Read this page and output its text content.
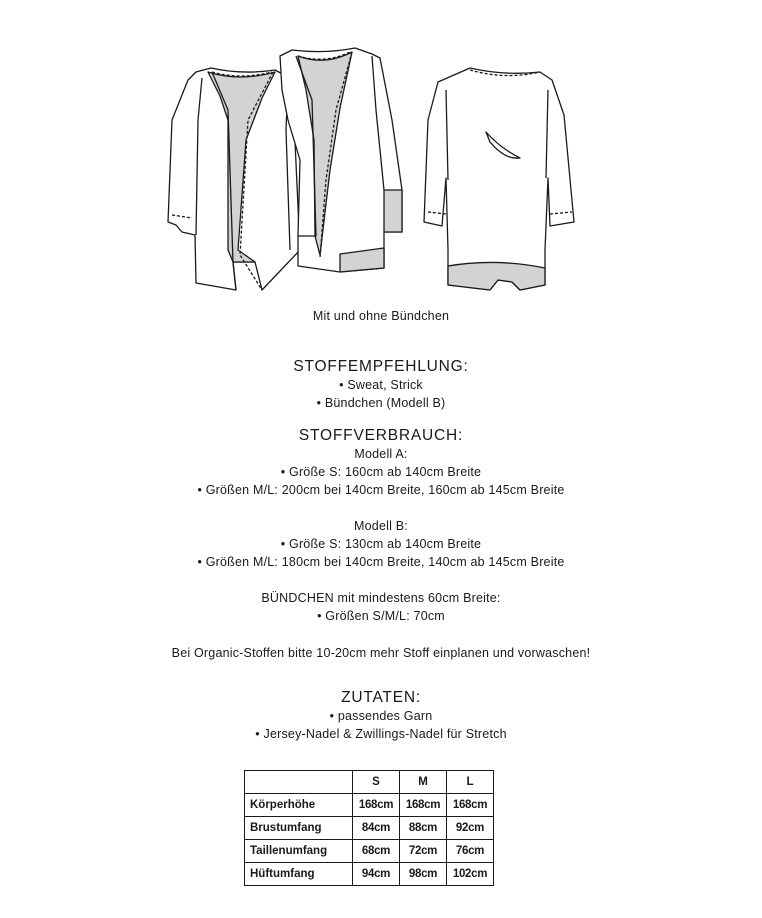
Mit und ohne Bündchen
STOFFEMPFEHLUNG:
• Sweat, Strick
• Bündchen (Modell B)
STOFFVERBRAUCH:
Modell A:
• Größe S: 160cm ab 140cm Breite
• Größen M/L: 200cm bei 140cm Breite, 160cm ab 145cm Breite
Modell B:
• Größe S: 130cm ab 140cm Breite
• Größen M/L: 180cm bei 140cm Breite, 140cm ab 145cm Breite
BÜNDCHEN mit mindestens 60cm Breite:
• Größen S/M/L: 70cm
Bei Organic-Stoffen bitte 10-20cm mehr Stoff einplanen und vorwaschen!
ZUTATEN:
• passendes Garn
• Jersey-Nadel & Zwillings-Nadel für Stretch
	S	M	L
Körperhöhe	168cm	168cm	168cm
Brustumfang	84cm	88cm	92cm
Taillenumfang	68cm	72cm	76cm
Hüftumfang	94cm	98cm	102cm
